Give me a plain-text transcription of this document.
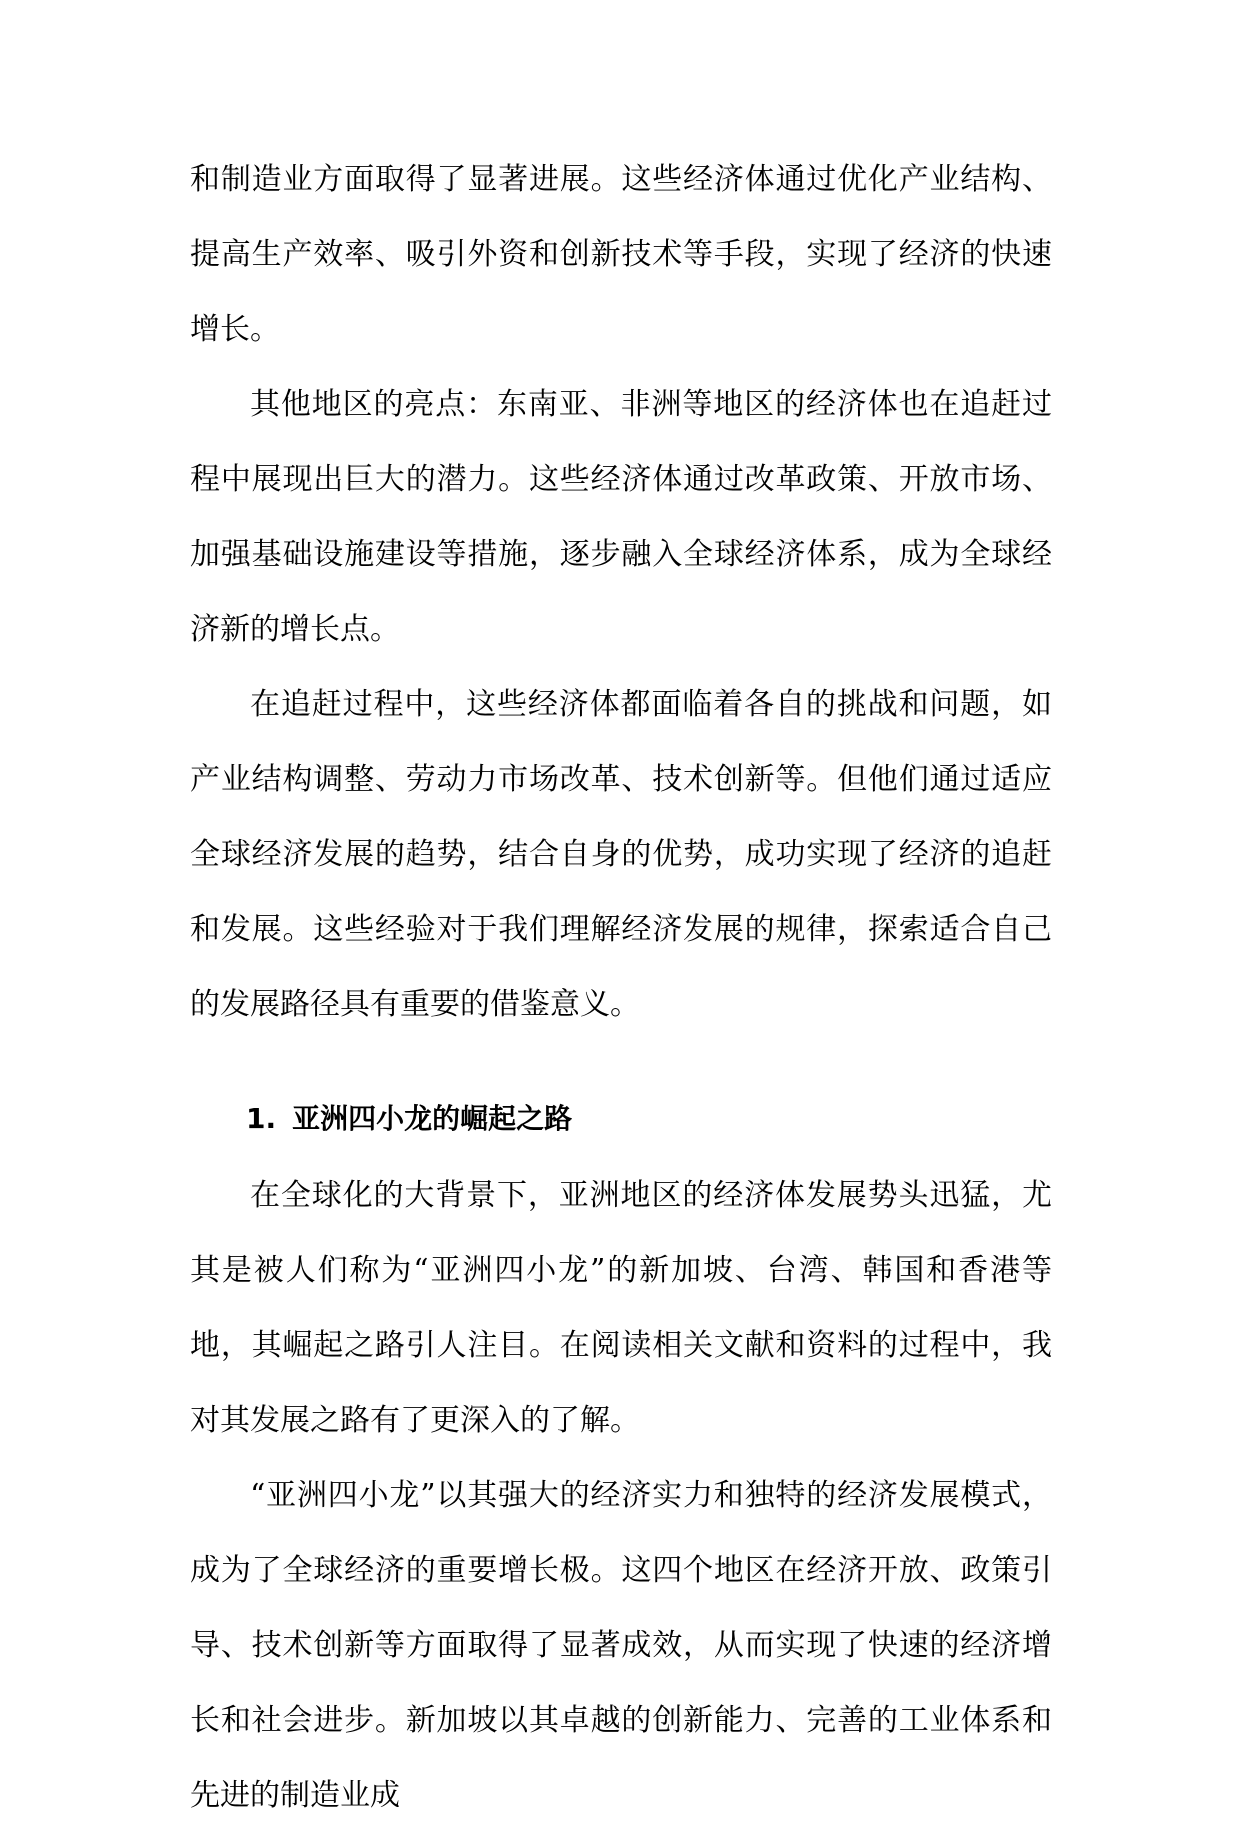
和制造业方面取得了显著进展。这些经济体通过优化产业结构、提高生产效率、吸引外资和创新技术等手段，实现了经济的快速增长。

其他地区的亮点：东南亚、非洲等地区的经济体也在追赶过程中展现出巨大的潜力。这些经济体通过改革政策、开放市场、加强基础设施建设等措施，逐步融入全球经济体系，成为全球经济新的增长点。

在追赶过程中，这些经济体都面临着各自的挑战和问题，如产业结构调整、劳动力市场改革、技术创新等。但他们通过适应全球经济发展的趋势，结合自身的优势，成功实现了经济的追赶和发展。这些经验对于我们理解经济发展的规律，探索适合自己的发展路径具有重要的借鉴意义。

1. 亚洲四小龙的崛起之路

在全球化的大背景下，亚洲地区的经济体发展势头迅猛，尤其是被人们称为“亚洲四小龙”的新加坡、台湾、韩国和香港等地，其崛起之路引人注目。在阅读相关文献和资料的过程中，我对其发展之路有了更深入的了解。

“亚洲四小龙”以其强大的经济实力和独特的经济发展模式，成为了全球经济的重要增长极。这四个地区在经济开放、政策引导、技术创新等方面取得了显著成效，从而实现了快速的经济增长和社会进步。新加坡以其卓越的创新能力、完善的工业体系和先进的制造业成
